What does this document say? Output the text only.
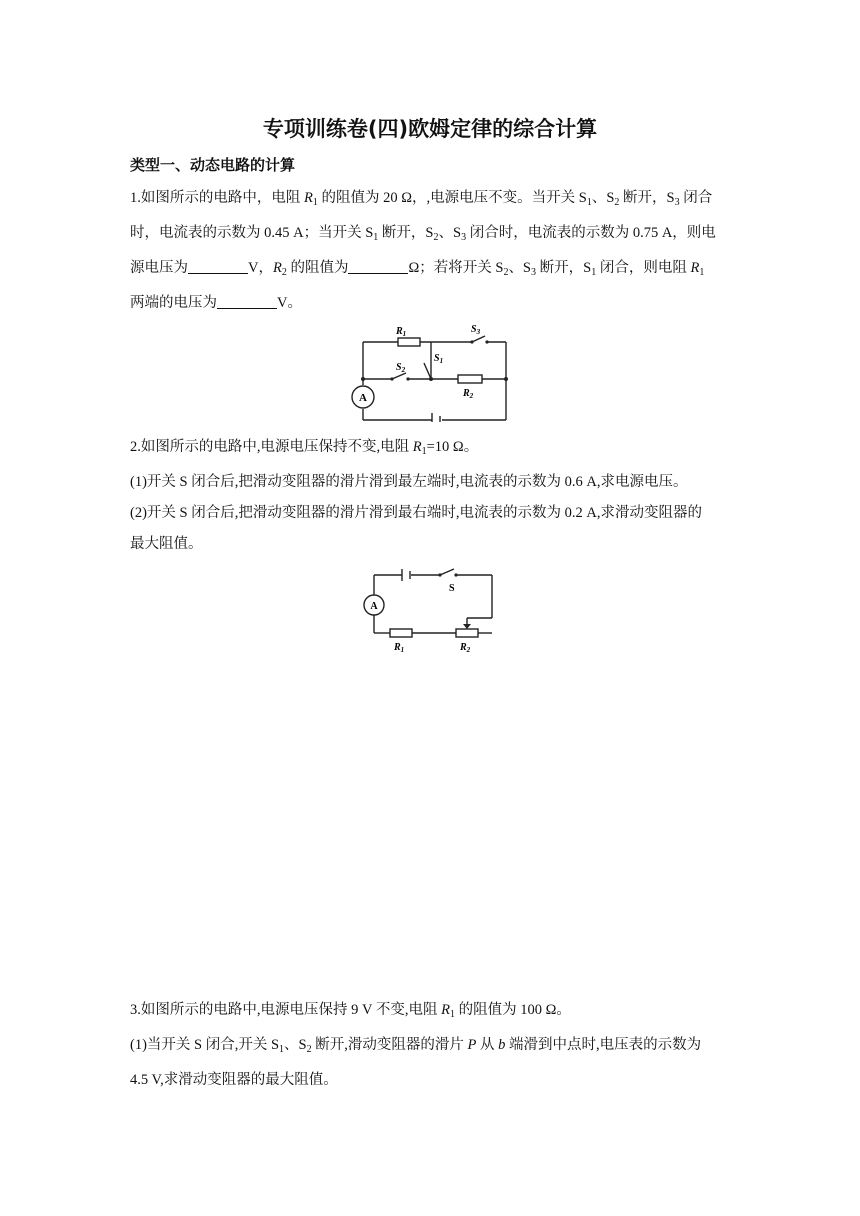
专项训练卷(四)欧姆定律的综合计算
类型一、动态电路的计算
1.如图所示的电路中，电阻 $R_1$ 的阻值为 20 Ω，,电源电压不变。当开关 $S_1$、$S_2$ 断开，$S_3$ 闭合
时，电流表的示数为 0.45 A；当开关 $S_1$ 断开，$S_2$、$S_3$ 闭合时，电流表的示数为 0.75 A，则电
源电压为	V，$R_2$ 的阻值为	Ω；若将开关 $S_2$、$S_3$ 断开，$S_1$ 闭合，则电阻 $R_1$
两端的电压为	V。
A
$R_1$	$S_3$
$S_2$
$S_1$
$R_2$
2.如图所示的电路中,电源电压保持不变,电阻 $R_1=10$ Ω。
(1)开关 S 闭合后,把滑动变阻器的滑片滑到最左端时,电流表的示数为 0.6 A,求电源电压。
(2)开关 S 闭合后,把滑动变阻器的滑片滑到最右端时,电流表的示数为 0.2 A,求滑动变阻器的
最大阻值。
A
S
$R_1$	$R_2$
3.如图所示的电路中,电源电压保持 9 V 不变,电阻 $R_1$ 的阻值为 100 Ω。
(1)当开关 S 闭合,开关 $S_1$、$S_2$ 断开,滑动变阻器的滑片 P 从 b 端滑到中点时,电压表的示数为
4.5 V,求滑动变阻器的最大阻值。
